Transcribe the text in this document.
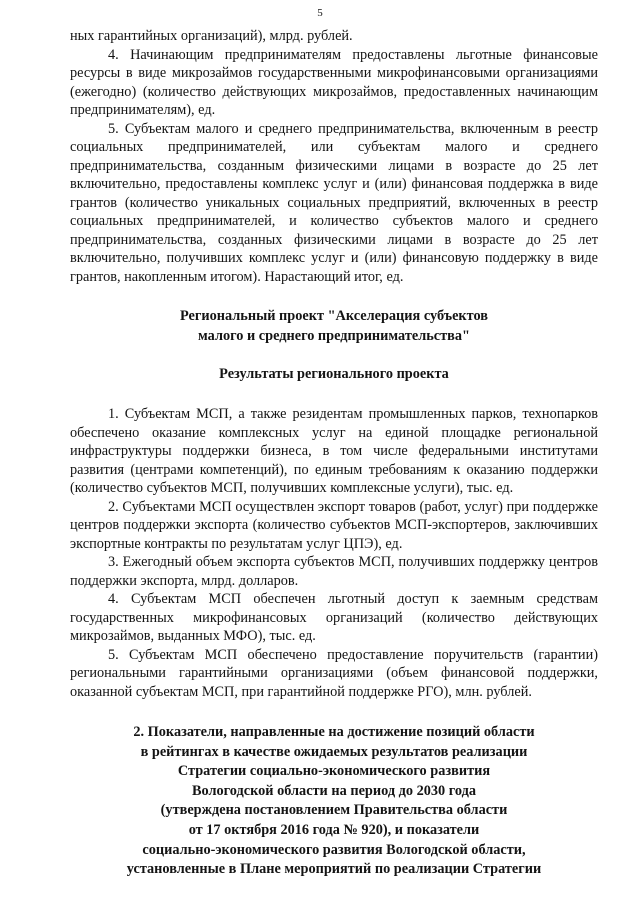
5

ных гарантийных организаций), млрд. рублей.

4. Начинающим предпринимателям предоставлены льготные финансовые ресурсы в виде микрозаймов государственными микрофинансовыми организациями (ежегодно) (количество действующих микрозаймов, предоставленных начинающим предпринимателям), ед.

5. Субъектам малого и среднего предпринимательства, включенным в реестр социальных предпринимателей, или субъектам малого и среднего предпринимательства, созданным физическими лицами в возрасте до 25 лет включительно, предоставлены комплекс услуг и (или) финансовая поддержка в виде грантов (количество уникальных социальных предприятий, включенных в реестр социальных предпринимателей, и количество субъектов малого и среднего предпринимательства, созданных физическими лицами в возрасте до 25 лет включительно, получивших комплекс услуг и (или) финансовую поддержку в виде грантов, накопленным итогом). Нарастающий итог, ед.

Региональный проект "Акселерация субъектов
малого и среднего предпринимательства"
Результаты регионального проекта

1. Субъектам МСП, а также резидентам промышленных парков, технопарков обеспечено оказание комплексных услуг на единой площадке региональной инфраструктуры поддержки бизнеса, в том числе федеральными институтами развития (центрами компетенций), по единым требованиям к оказанию поддержки (количество субъектов МСП, получивших комплексные услуги), тыс. ед.

2. Субъектами МСП осуществлен экспорт товаров (работ, услуг) при поддержке центров поддержки экспорта (количество субъектов МСП-экспортеров, заключивших экспортные контракты по результатам услуг ЦПЭ), ед.

3. Ежегодный объем экспорта субъектов МСП, получивших поддержку центров поддержки экспорта, млрд. долларов.

4. Субъектам МСП обеспечен льготный доступ к заемным средствам государственных микрофинансовых организаций (количество действующих микрозаймов, выданных МФО), тыс. ед.

5. Субъектам МСП обеспечено предоставление поручительств (гарантии) региональными гарантийными организациями (объем финансовой поддержки, оказанной субъектам МСП, при гарантийной поддержке РГО), млн. рублей.

2. Показатели, направленные на достижение позиций области
в рейтингах в качестве ожидаемых результатов реализации
Стратегии социально-экономического развития
Вологодской области на период до 2030 года
(утверждена постановлением Правительства области
от 17 октября 2016 года № 920), и показатели
социально-экономического развития Вологодской области,
установленные в Плане мероприятий по реализации Стратегии
